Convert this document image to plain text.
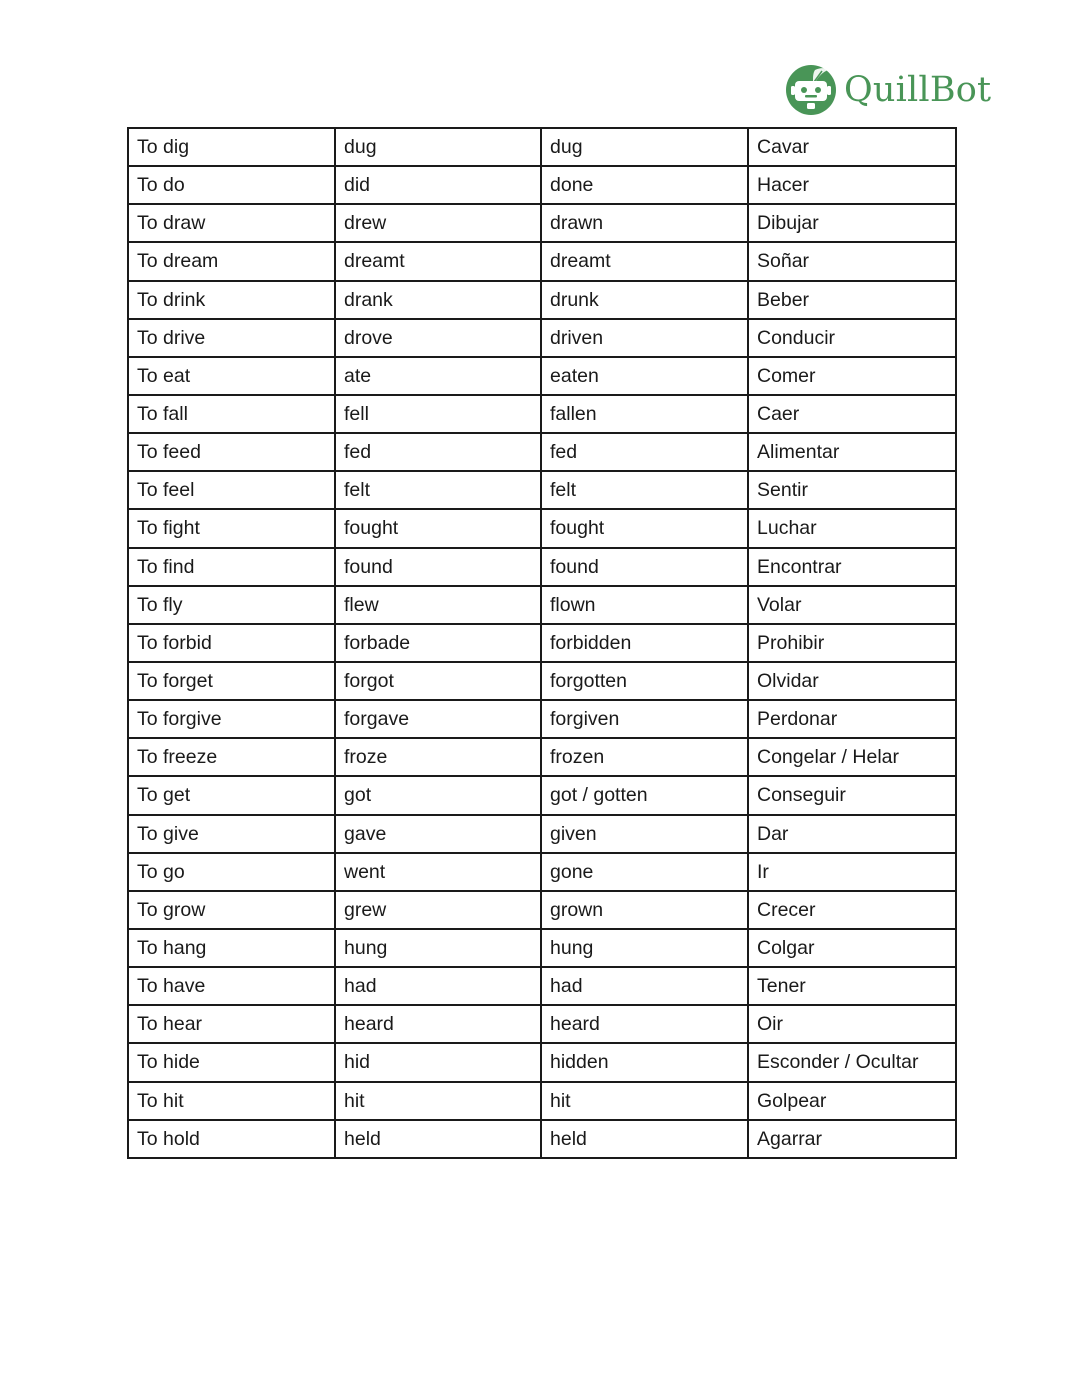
QuillBot
To dig	dug	dug	Cavar
To do	did	done	Hacer
To draw	drew	drawn	Dibujar
To dream	dreamt	dreamt	Soñar
To drink	drank	drunk	Beber
To drive	drove	driven	Conducir
To eat	ate	eaten	Comer
To fall	fell	fallen	Caer
To feed	fed	fed	Alimentar
To feel	felt	felt	Sentir
To fight	fought	fought	Luchar
To find	found	found	Encontrar
To fly	flew	flown	Volar
To forbid	forbade	forbidden	Prohibir
To forget	forgot	forgotten	Olvidar
To forgive	forgave	forgiven	Perdonar
To freeze	froze	frozen	Congelar / Helar
To get	got	got / gotten	Conseguir
To give	gave	given	Dar
To go	went	gone	Ir
To grow	grew	grown	Crecer
To hang	hung	hung	Colgar
To have	had	had	Tener
To hear	heard	heard	Oir
To hide	hid	hidden	Esconder / Ocultar
To hit	hit	hit	Golpear
To hold	held	held	Agarrar
